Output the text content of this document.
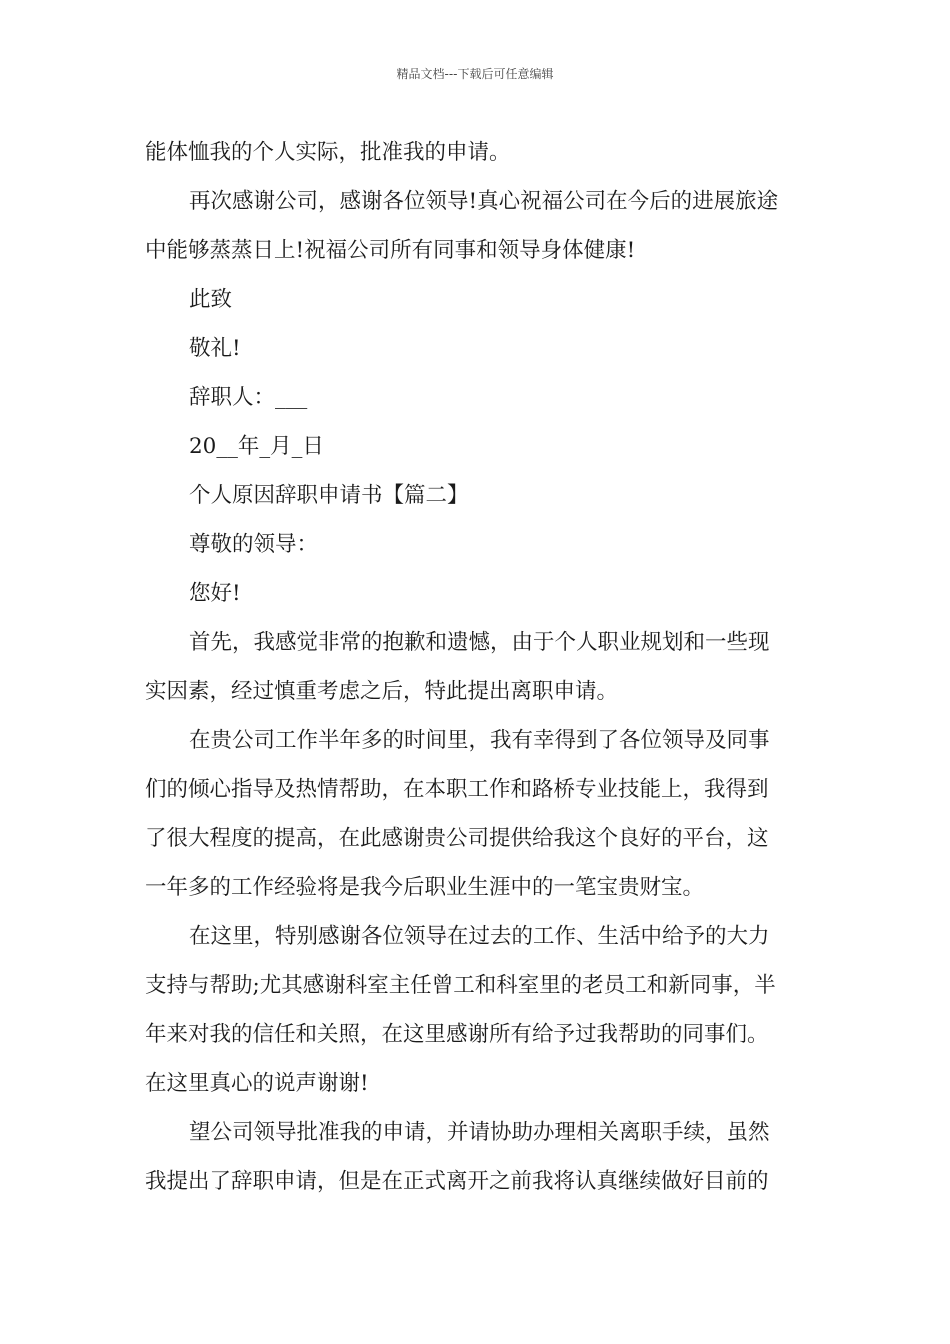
精品文档---下载后可任意编辑
能体恤我的个人实际，批准我的申请。
再次感谢公司，感谢各位领导!真心祝福公司在今后的进展旅途
中能够蒸蒸日上!祝福公司所有同事和领导身体健康!
此致
敬礼!
辞职人：___
20__年_月_日
个人原因辞职申请书【篇二】
尊敬的领导：
您好!
首先，我感觉非常的抱歉和遗憾，由于个人职业规划和一些现
实因素，经过慎重考虑之后，特此提出离职申请。
在贵公司工作半年多的时间里，我有幸得到了各位领导及同事
们的倾心指导及热情帮助，在本职工作和路桥专业技能上，我得到
了很大程度的提高，在此感谢贵公司提供给我这个良好的平台，这
一年多的工作经验将是我今后职业生涯中的一笔宝贵财宝。
在这里，特别感谢各位领导在过去的工作、生活中给予的大力
支持与帮助;尤其感谢科室主任曾工和科室里的老员工和新同事，半
年来对我的信任和关照，在这里感谢所有给予过我帮助的同事们。
在这里真心的说声谢谢!
望公司领导批准我的申请，并请协助办理相关离职手续，虽然
我提出了辞职申请，但是在正式离开之前我将认真继续做好目前的
